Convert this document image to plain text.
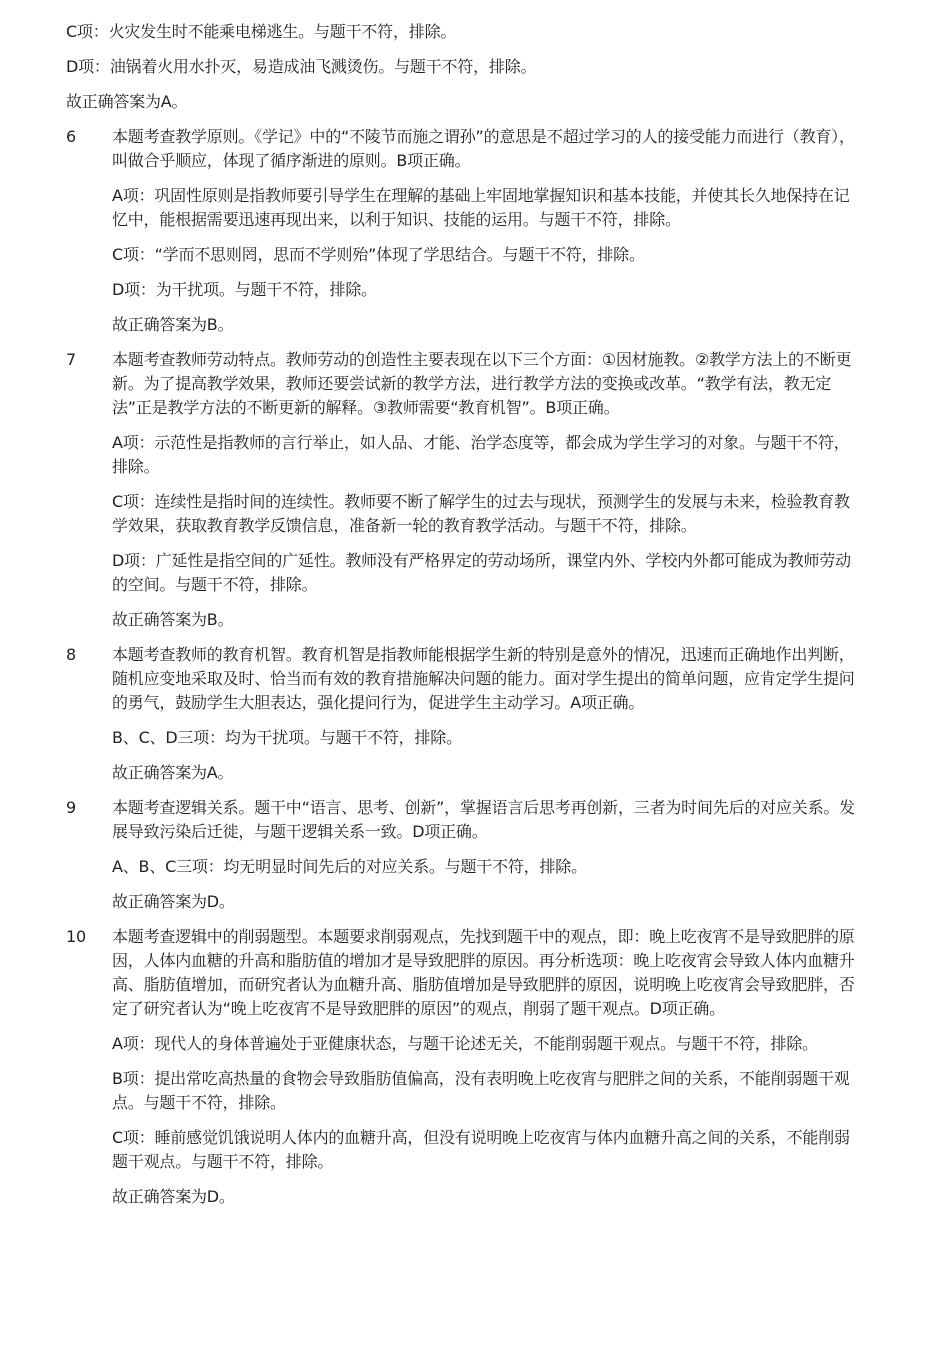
C项：火灾发生时不能乘电梯逃生。与题干不符，排除。

D项：油锅着火用水扑灭，易造成油飞溅烫伤。与题干不符，排除。

故正确答案为A。

6	本题考查教学原则。《学记》中的“不陵节而施之谓孙”的意思是不超过学习的人的接受能力而进行（教育），叫做合乎顺应，体现了循序渐进的原则。B项正确。

A项：巩固性原则是指教师要引导学生在理解的基础上牢固地掌握知识和基本技能，并使其长久地保持在记忆中，能根据需要迅速再现出来，以利于知识、技能的运用。与题干不符，排除。

C项：“学而不思则罔，思而不学则殆”体现了学思结合。与题干不符，排除。

D项：为干扰项。与题干不符，排除。

故正确答案为B。

7	本题考查教师劳动特点。教师劳动的创造性主要表现在以下三个方面：①因材施教。②教学方法上的不断更新。为了提高教学效果，教师还要尝试新的教学方法，进行教学方法的变换或改革。“教学有法，教无定法”正是教学方法的不断更新的解释。③教师需要“教育机智”。B项正确。

A项：示范性是指教师的言行举止，如人品、才能、治学态度等，都会成为学生学习的对象。与题干不符，排除。

C项：连续性是指时间的连续性。教师要不断了解学生的过去与现状，预测学生的发展与未来，检验教育教学效果，获取教育教学反馈信息，准备新一轮的教育教学活动。与题干不符，排除。

D项：广延性是指空间的广延性。教师没有严格界定的劳动场所，课堂内外、学校内外都可能成为教师劳动的空间。与题干不符，排除。

故正确答案为B。

8	本题考查教师的教育机智。教育机智是指教师能根据学生新的特别是意外的情况，迅速而正确地作出判断，随机应变地采取及时、恰当而有效的教育措施解决问题的能力。面对学生提出的简单问题，应肯定学生提问的勇气，鼓励学生大胆表达，强化提问行为，促进学生主动学习。A项正确。

B、C、D三项：均为干扰项。与题干不符，排除。

故正确答案为A。

9	本题考查逻辑关系。题干中“语言、思考、创新”，掌握语言后思考再创新，三者为时间先后的对应关系。发展导致污染后迁徙，与题干逻辑关系一致。D项正确。

A、B、C三项：均无明显时间先后的对应关系。与题干不符，排除。

故正确答案为D。

10	本题考查逻辑中的削弱题型。本题要求削弱观点，先找到题干中的观点，即：晚上吃夜宵不是导致肥胖的原因，人体内血糖的升高和脂肪值的增加才是导致肥胖的原因。再分析选项：晚上吃夜宵会导致人体内血糖升高、脂肪值增加，而研究者认为血糖升高、脂肪值增加是导致肥胖的原因，说明晚上吃夜宵会导致肥胖，否定了研究者认为“晚上吃夜宵不是导致肥胖的原因”的观点，削弱了题干观点。D项正确。

A项：现代人的身体普遍处于亚健康状态，与题干论述无关，不能削弱题干观点。与题干不符，排除。

B项：提出常吃高热量的食物会导致脂肪值偏高，没有表明晚上吃夜宵与肥胖之间的关系，不能削弱题干观点。与题干不符，排除。

C项：睡前感觉饥饿说明人体内的血糖升高，但没有说明晚上吃夜宵与体内血糖升高之间的关系，不能削弱题干观点。与题干不符，排除。

故正确答案为D。
